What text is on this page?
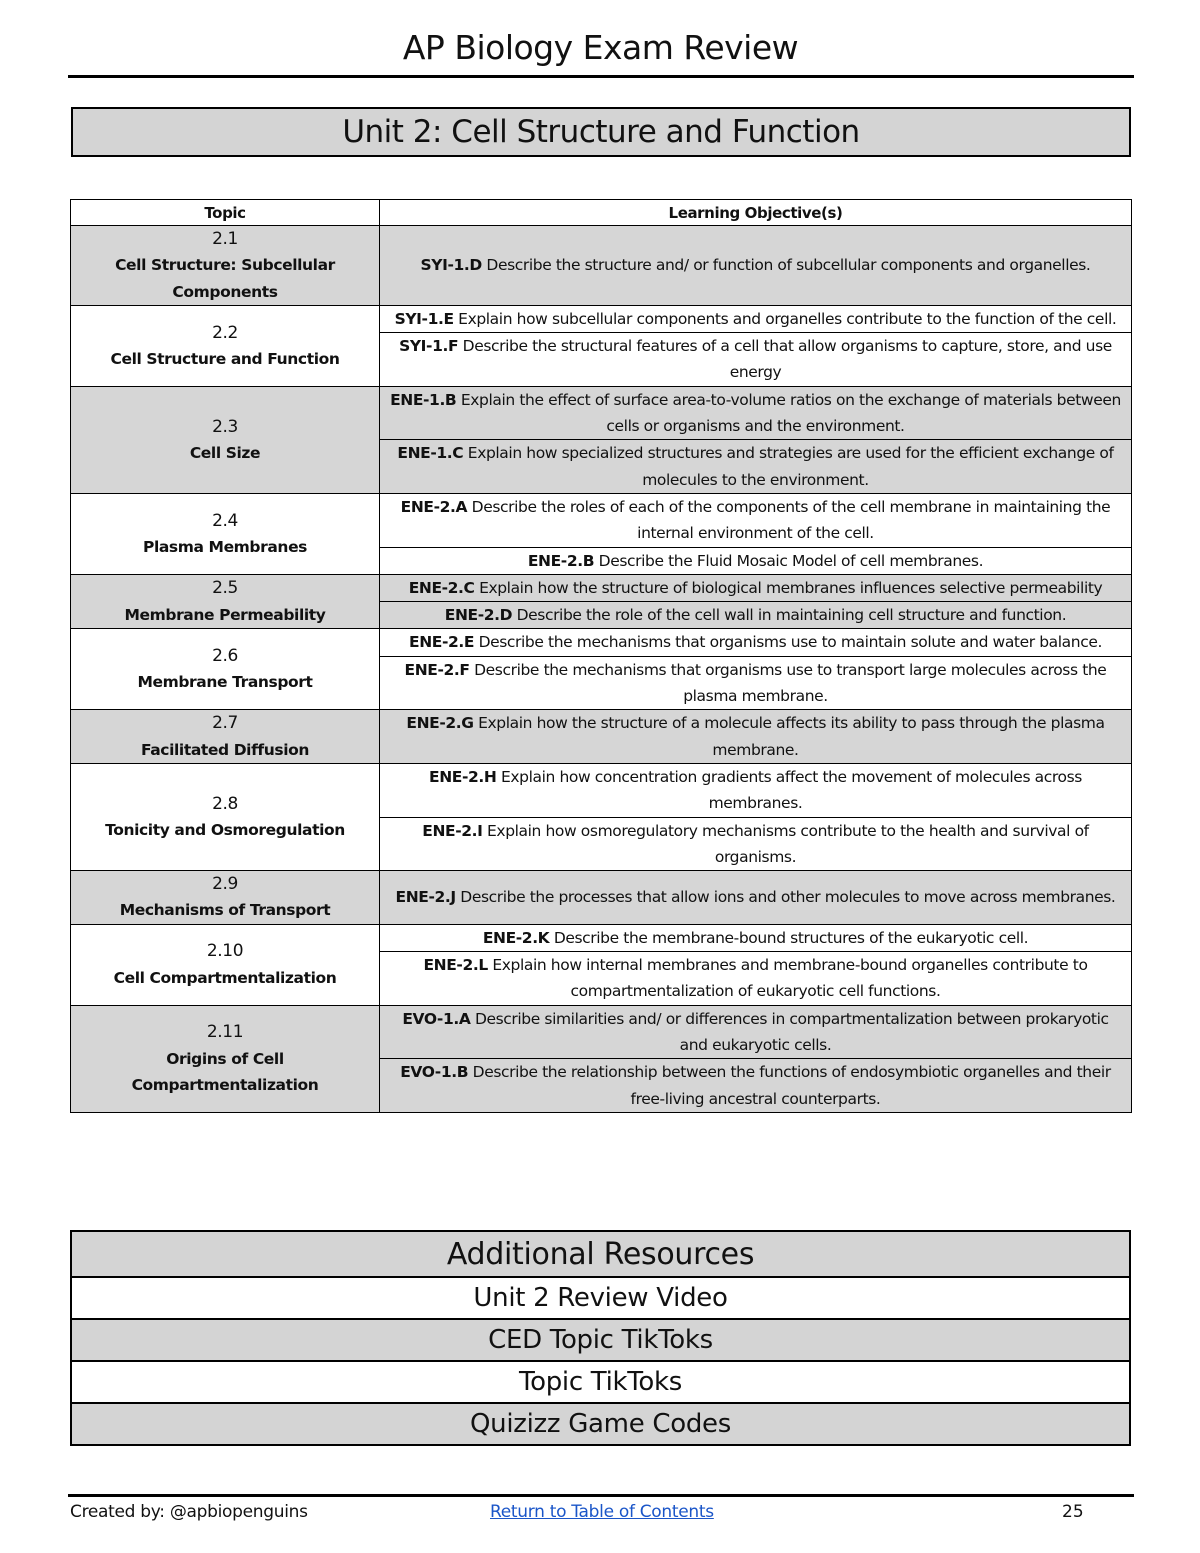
AP Biology Exam Review
Unit 2: Cell Structure and Function
Topic	Learning Objective(s)

2.1
Cell Structure: Subcellular Components	SYI-1.D Describe the structure and/ or function of subcellular components and organelles.

2.2
Cell Structure and Function	SYI-1.E Explain how subcellular components and organelles contribute to the function of the cell.
	SYI-1.F Describe the structural features of a cell that allow organisms to capture, store, and use energy

2.3
Cell Size	ENE-1.B Explain the effect of surface area-to-volume ratios on the exchange of materials between cells or organisms and the environment.
	ENE-1.C Explain how specialized structures and strategies are used for the efficient exchange of molecules to the environment.

2.4
Plasma Membranes	ENE-2.A Describe the roles of each of the components of the cell membrane in maintaining the internal environment of the cell.
	ENE-2.B Describe the Fluid Mosaic Model of cell membranes.

2.5
Membrane Permeability	ENE-2.C Explain how the structure of biological membranes influences selective permeability
	ENE-2.D Describe the role of the cell wall in maintaining cell structure and function.

2.6
Membrane Transport	ENE-2.E Describe the mechanisms that organisms use to maintain solute and water balance.
	ENE-2.F Describe the mechanisms that organisms use to transport large molecules across the plasma membrane.

2.7
Facilitated Diffusion	ENE-2.G Explain how the structure of a molecule affects its ability to pass through the plasma membrane.

2.8
Tonicity and Osmoregulation	ENE-2.H Explain how concentration gradients affect the movement of molecules across membranes.
	ENE-2.I Explain how osmoregulatory mechanisms contribute to the health and survival of organisms.

2.9
Mechanisms of Transport	ENE-2.J Describe the processes that allow ions and other molecules to move across membranes.

2.10
Cell Compartmentalization	ENE-2.K Describe the membrane-bound structures of the eukaryotic cell.
	ENE-2.L Explain how internal membranes and membrane-bound organelles contribute to compartmentalization of eukaryotic cell functions.

2.11
Origins of Cell Compartmentalization	EVO-1.A Describe similarities and/ or differences in compartmentalization between prokaryotic and eukaryotic cells.
	EVO-1.B Describe the relationship between the functions of endosymbiotic organelles and their free-living ancestral counterparts.
Additional Resources
Unit 2 Review Video
CED Topic TikToks
Topic TikToks
Quizizz Game Codes
Created by: @apbiopenguins	Return to Table of Contents	25
